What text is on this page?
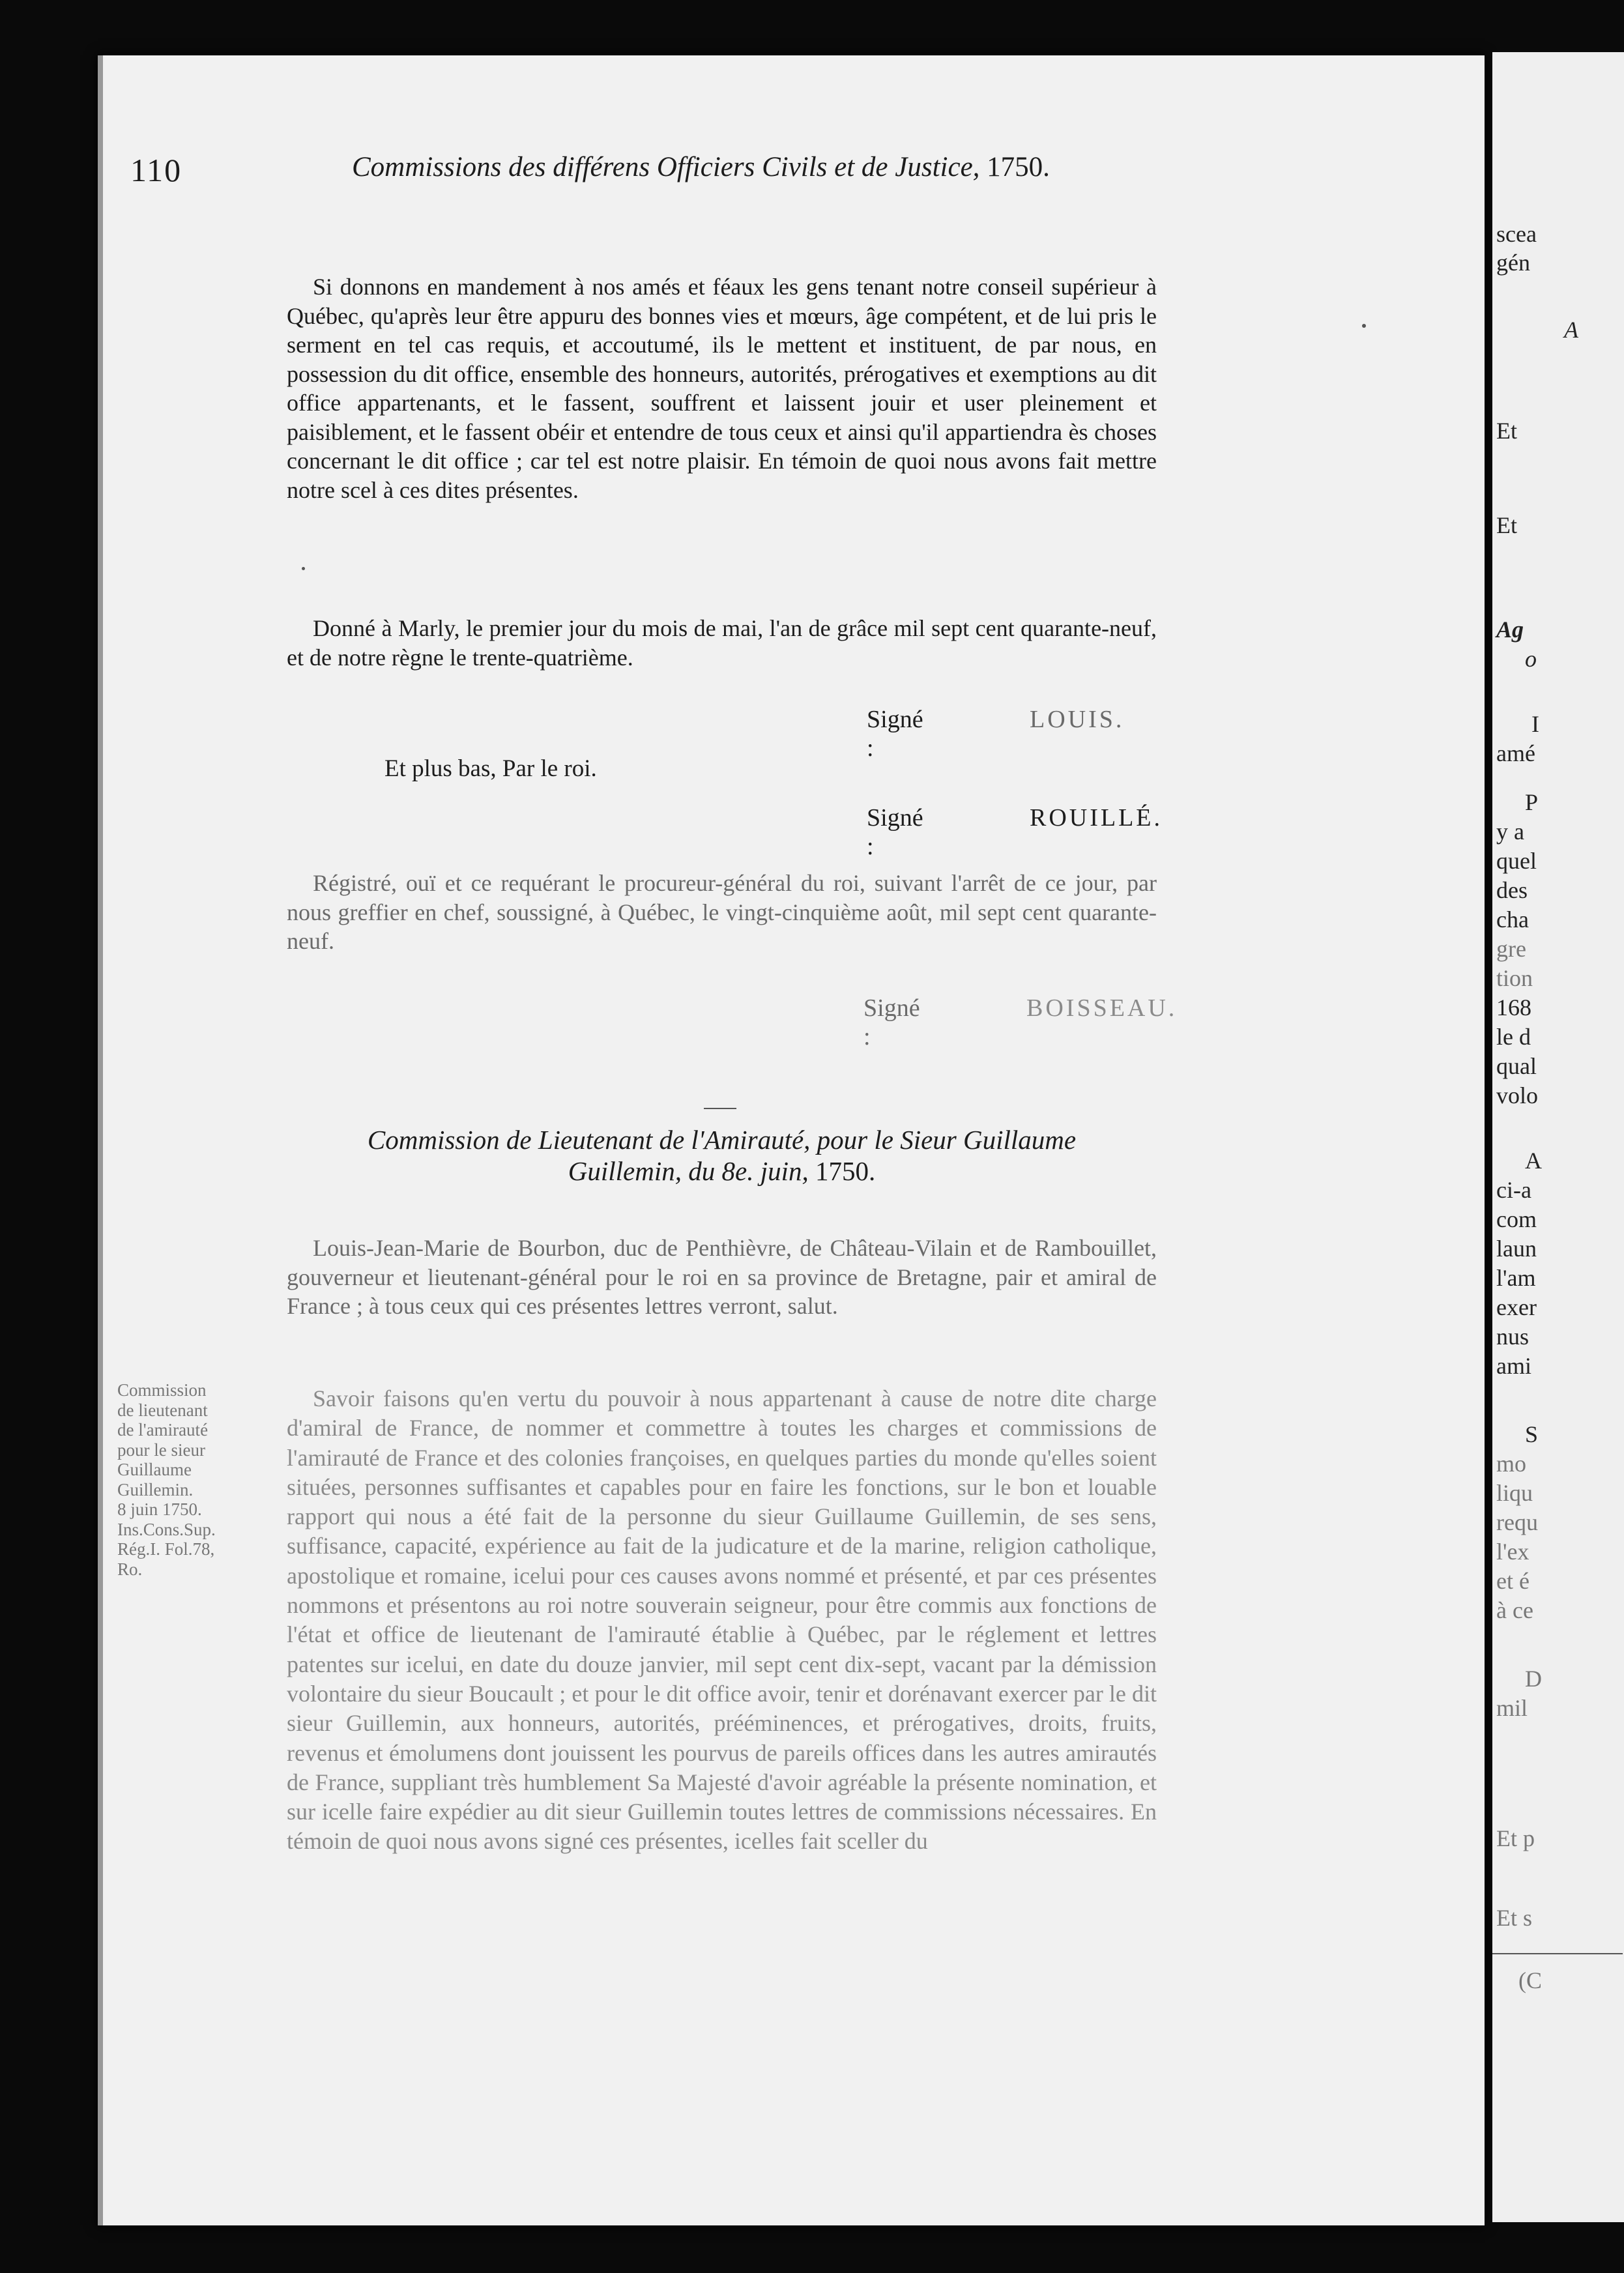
110	Commissions des différens Officiers Civils et de Justice, 1750.
Si donnons en mandement à nos amés et féaux les gens tenant notre conseil supérieur à Québec, qu'après leur être appuru des bonnes vies et mœurs, âge compétent, et de lui pris le serment en tel cas requis, et accoutumé, ils le mettent et instituent, de par nous, en possession du dit office, ensemble des honneurs, autorités, prérogatives et exemptions au dit office appartenants, et le fassent, souffrent et laissent jouir et user pleinement et paisiblement, et le fassent obéir et entendre de tous ceux et ainsi qu'il appartiendra ès choses concernant le dit office ; car tel est notre plaisir. En témoin de quoi nous avons fait mettre notre scel à ces dites présentes.
Donné à Marly, le premier jour du mois de mai, l'an de grâce mil sept cent quarante-neuf, et de notre règne le trente-quatrième.
Signé :
LOUIS.
Et plus bas, Par le roi.
Signé :
ROUILLÉ.
Régistré, ouï et ce requérant le procureur-général du roi, suivant l'arrêt de ce jour, par nous greffier en chef, soussigné, à Québec, le vingt-cinquième août, mil sept cent quarante-neuf.
Signé :
BOISSEAU.
Commission de Lieutenant de l'Amirauté, pour le Sieur Guillaume
Guillemin, du 8e. juin, 1750.
Louis-Jean-Marie de Bourbon, duc de Penthièvre, de Château-Vilain et de Rambouillet, gouverneur et lieutenant-général pour le roi en sa province de Bretagne, pair et amiral de France ; à tous ceux qui ces présentes lettres verront, salut.
Savoir faisons qu'en vertu du pouvoir à nous appartenant à cause de notre dite charge d'amiral de France, de nommer et commettre à toutes les charges et commissions de l'amirauté de France et des colonies françoises, en quelques parties du monde qu'elles soient situées, personnes suffisantes et capables pour en faire les fonctions, sur le bon et louable rapport qui nous a été fait de la personne du sieur Guillaume Guillemin, de ses sens, suffisance, capacité, expérience au fait de la judicature et de la marine, religion catholique, apostolique et romaine, icelui pour ces causes avons nommé et présenté, et par ces présentes nommons et présentons au roi notre souverain seigneur, pour être commis aux fonctions de l'état et office de lieutenant de l'amirauté établie à Québec, par le réglement et lettres patentes sur icelui, en date du douze janvier, mil sept cent dix-sept, vacant par la démission volontaire du sieur Boucault ; et pour le dit office avoir, tenir et dorénavant exercer par le dit sieur Guillemin, aux honneurs, autorités, prééminences, et prérogatives, droits, fruits, revenus et émolumens dont jouissent les pourvus de pareils offices dans les autres amirautés de France, suppliant très humblement Sa Majesté d'avoir agréable la présente nomination, et sur icelle faire expédier au dit sieur Guillemin toutes lettres de commissions nécessaires. En témoin de quoi nous avons signé ces présentes, icelles fait sceller du
Commission
de lieutenant
de l'amirauté
pour le sieur
Guillaume
Guillemin.
8 juin 1750.
Ins.Cons.Sup.
Rég.I. Fol.78,
Ro.
scea
gén
A
Et
Et
Ag
o
I
amé
P
y a
quel
des
cha
gre
tion
168
le d
qual
volo
A
ci-a
com
laun
l'am
exer
nus
ami
S
mo
liqu
requ
l'ex
et é
à ce
D
mil
Et p
Et s
(C
